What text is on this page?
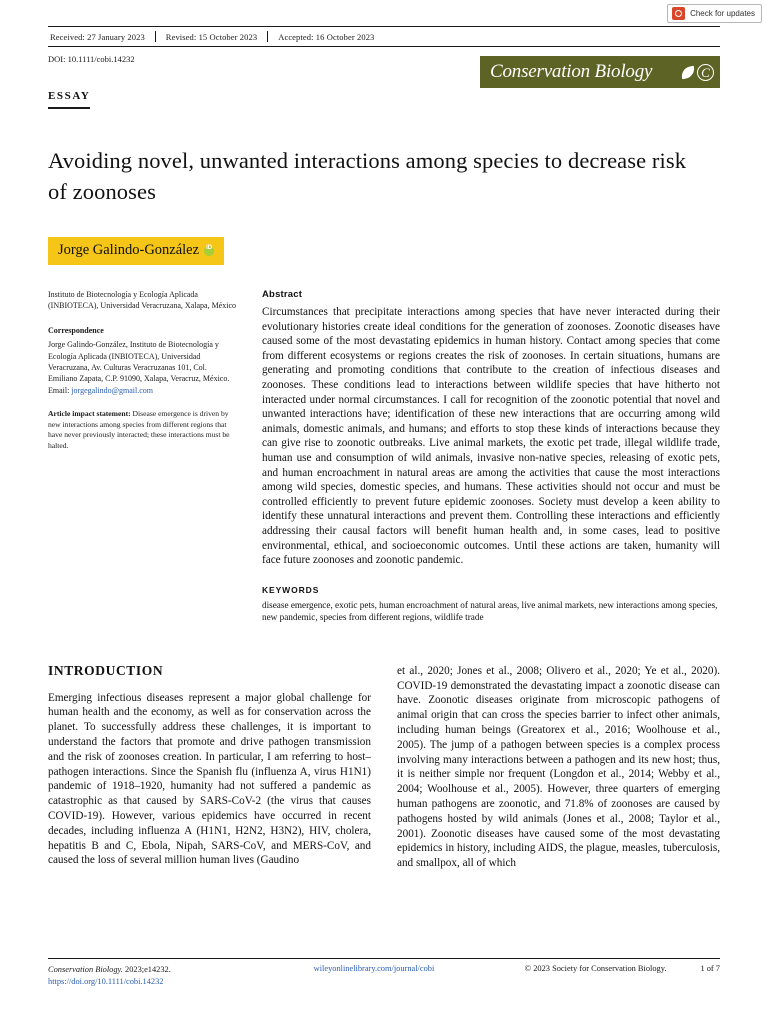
Check for updates
Received: 27 January 2023	Revised: 15 October 2023	Accepted: 16 October 2023
DOI: 10.1111/cobi.14232
Conservation Biology	C
ESSAY
Avoiding novel, unwanted interactions among species to decrease risk of zoonoses
Jorge Galindo-González
iD
Instituto de Biotecnología y Ecología Aplicada (INBIOTECA), Universidad Veracruzana, Xalapa, México
Correspondence
Jorge Galindo-González, Instituto de Biotecnología y Ecología Aplicada (INBIOTECA), Universidad Veracruzana, Av. Culturas Veracruzanas 101, Col. Emiliano Zapata, C.P. 91090, Xalapa, Veracruz, México.
Email: jorgegalindo@gmail.com
Article impact statement: Disease emergence is driven by new interactions among species from different regions that have never previously interacted; these interactions must be halted.
Abstract
Circumstances that precipitate interactions among species that have never interacted during their evolutionary histories create ideal conditions for the generation of zoonoses. Zoonotic diseases have caused some of the most devastating epidemics in human history. Contact among species that come from different ecosystems or regions creates the risk of zoonoses. In certain situations, humans are generating and promoting conditions that contribute to the creation of infectious diseases and zoonoses. These conditions lead to interactions between wildlife species that have hitherto not interacted under normal circumstances. I call for recognition of the zoonotic potential that novel and unwanted interactions have; identification of these new interactions that are occurring among wild animals, domestic animals, and humans; and efforts to stop these kinds of interactions because they can give rise to zoonotic outbreaks. Live animal markets, the exotic pet trade, illegal wildlife trade, human use and consumption of wild animals, invasive non-native species, releasing of exotic pets, and human encroachment in natural areas are among the activities that cause the most interactions among wild species, domestic species, and humans. These activities should not occur and must be controlled efficiently to prevent future epidemic zoonoses. Society must develop a keen ability to identify these unnatural interactions and prevent them. Controlling these interactions and efficiently addressing their causal factors will benefit human health and, in some cases, lead to positive environmental, ethical, and socioeconomic outcomes. Until these actions are taken, humanity will face future zoonoses and zoonotic pandemic.
KEYWORDS
disease emergence, exotic pets, human encroachment of natural areas, live animal markets, new interactions among species, new pandemic, species from different regions, wildlife trade
INTRODUCTION

Emerging infectious diseases represent a major global challenge for human health and the economy, as well as for conservation across the planet. To successfully address these challenges, it is important to understand the factors that promote and drive pathogen transmission and the risk of zoonoses creation. In particular, I am referring to host–pathogen interactions. Since the Spanish flu (influenza A, virus H1N1) pandemic of 1918–1920, humanity had not suffered a pandemic as catastrophic as that caused by SARS-CoV-2 (the virus that causes COVID-19). However, various epidemics have occurred in recent decades, including influenza A (H1N1, H2N2, H3N2), HIV, cholera, hepatitis B and C, Ebola, Nipah, SARS-CoV, and MERS-CoV, and caused the loss of several million human lives (Gaudino

et al., 2020; Jones et al., 2008; Olivero et al., 2020; Ye et al., 2020). COVID-19 demonstrated the devastating impact a zoonotic disease can have. Zoonotic diseases originate from microscopic pathogens of animal origin that can cross the species barrier to infect other animals, including human beings (Greatorex et al., 2016; Woolhouse et al., 2005). The jump of a pathogen between species is a complex process involving many interactions between a pathogen and its new host; thus, it is neither simple nor frequent (Longdon et al., 2014; Webby et al., 2004; Woolhouse et al., 2005). However, three quarters of emerging human pathogens are zoonotic, and 71.8% of zoonoses are caused by pathogens hosted by wild animals (Jones et al., 2008; Taylor et al., 2001). Zoonotic diseases have caused some of the most devastating epidemics in history, including AIDS, the plague, measles, tuberculosis, and smallpox, all of which

Conservation Biology. 2023;e14232.
https://doi.org/10.1111/cobi.14232
wileyonlinelibrary.com/journal/cobi	© 2023 Society for Conservation Biology.	1 of 7
